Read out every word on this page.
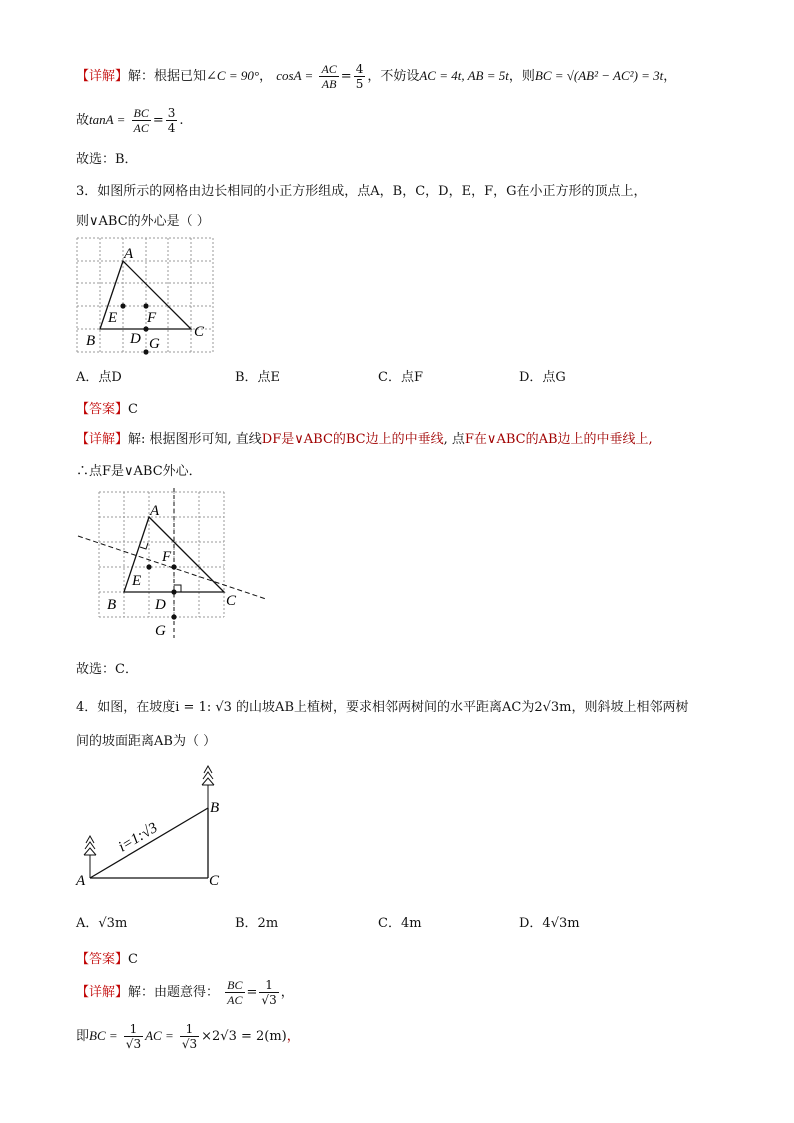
【详解】解：根据已知∠C = 90°， $\cos A = \frac{AC}{AB} = \frac{4}{5}$ ，不妨设AC = 4t, AB = 5t，则BC = √(AB² − AC²) = 3t，
故$\tan A = \frac{BC}{AC} = \frac{3}{4}$ .
故选：B．
3．如图所示的网格由边长相同的小正方形组成，点A，B，C，D，E，F，G在小正方形的顶点上，
则∨ABC的外心是（ ）
A
E F
C
B D G
A．点D	B．点E	C．点F	D．点G
【答案】C
【详解】解: 根据图形可知, 直线DF是∨ABC的BC边上的中垂线, 点F在∨ABC的AB边上的中垂线上,
∴点F是∨ABC外心．
A
F
E
C
B	D
G
故选：C．
4．如图，在坡度i = 1: √3 的山坡AB上植树，要求相邻两树间的水平距离AC为2√3m，则斜坡上相邻两树
间的坡面距离AB为（ ）
i=1:√3
A
B
C
A．√3m	B．2m	C．4m	D．4√3m
【答案】C
【详解】解：由题意得： $\frac{BC}{AC} = \frac{1}{√3}$ ，
即BC = $\frac{1}{√3}$ AC = $\frac{1}{√3} \times 2√3 = 2(m)$，
